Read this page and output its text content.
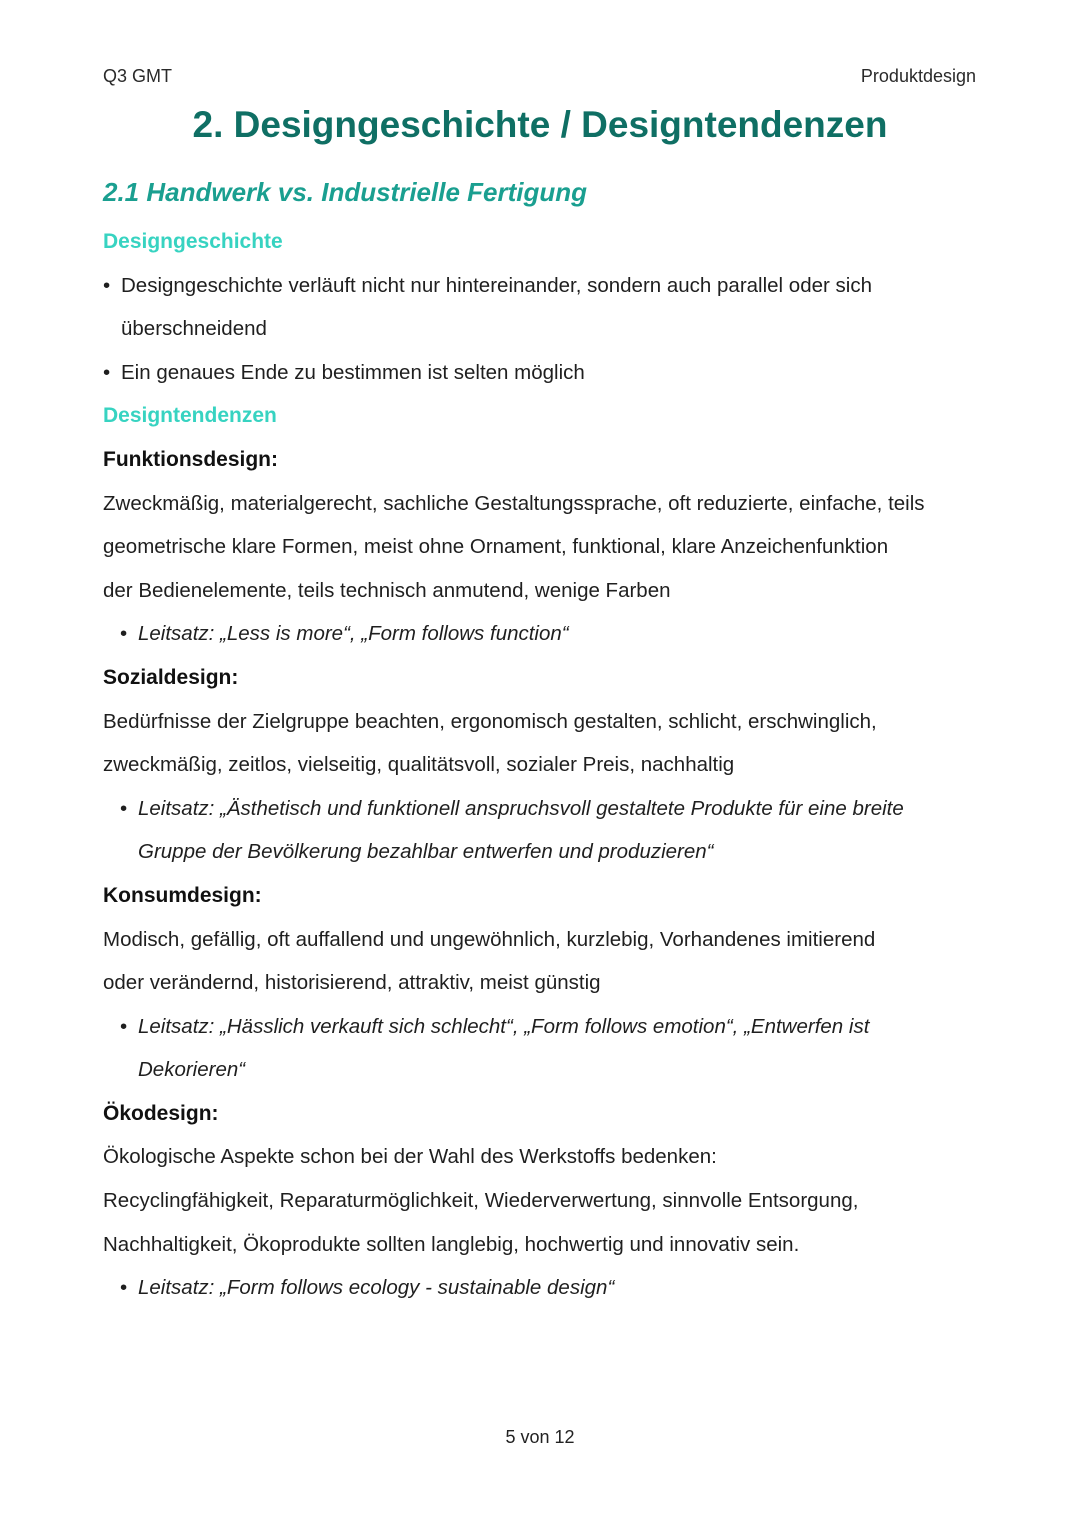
Q3 GMT	Produktdesign
2. Designgeschichte / Designtendenzen
2.1 Handwerk vs. Industrielle Fertigung
Designgeschichte
• Designgeschichte verläuft nicht nur hintereinander, sondern auch parallel oder sich
überschneidend
• Ein genaues Ende zu bestimmen ist selten möglich
Designtendenzen
Funktionsdesign:
Zweckmäßig, materialgerecht, sachliche Gestaltungssprache, oft reduzierte, einfache, teils
geometrische klare Formen, meist ohne Ornament, funktional, klare Anzeichenfunktion
der Bedienelemente, teils technisch anmutend, wenige Farben
• Leitsatz: „Less is more“, „Form follows function“
Sozialdesign:
Bedürfnisse der Zielgruppe beachten, ergonomisch gestalten, schlicht, erschwinglich,
zweckmäßig, zeitlos, vielseitig, qualitätsvoll, sozialer Preis, nachhaltig
• Leitsatz: „Ästhetisch und funktionell anspruchsvoll gestaltete Produkte für eine breite
Gruppe der Bevölkerung bezahlbar entwerfen und produzieren“
Konsumdesign:
Modisch, gefällig, oft auffallend und ungewöhnlich, kurzlebig, Vorhandenes imitierend
oder verändernd, historisierend, attraktiv, meist günstig
• Leitsatz: „Hässlich verkauft sich schlecht“, „Form follows emotion“, „Entwerfen ist
Dekorieren“
Ökodesign:
Ökologische Aspekte schon bei der Wahl des Werkstoffs bedenken:
Recyclingfähigkeit, Reparaturmöglichkeit, Wiederverwertung, sinnvolle Entsorgung,
Nachhaltigkeit, Ökoprodukte sollten langlebig, hochwertig und innovativ sein.
• Leitsatz: „Form follows ecology - sustainable design“
5 von 12
